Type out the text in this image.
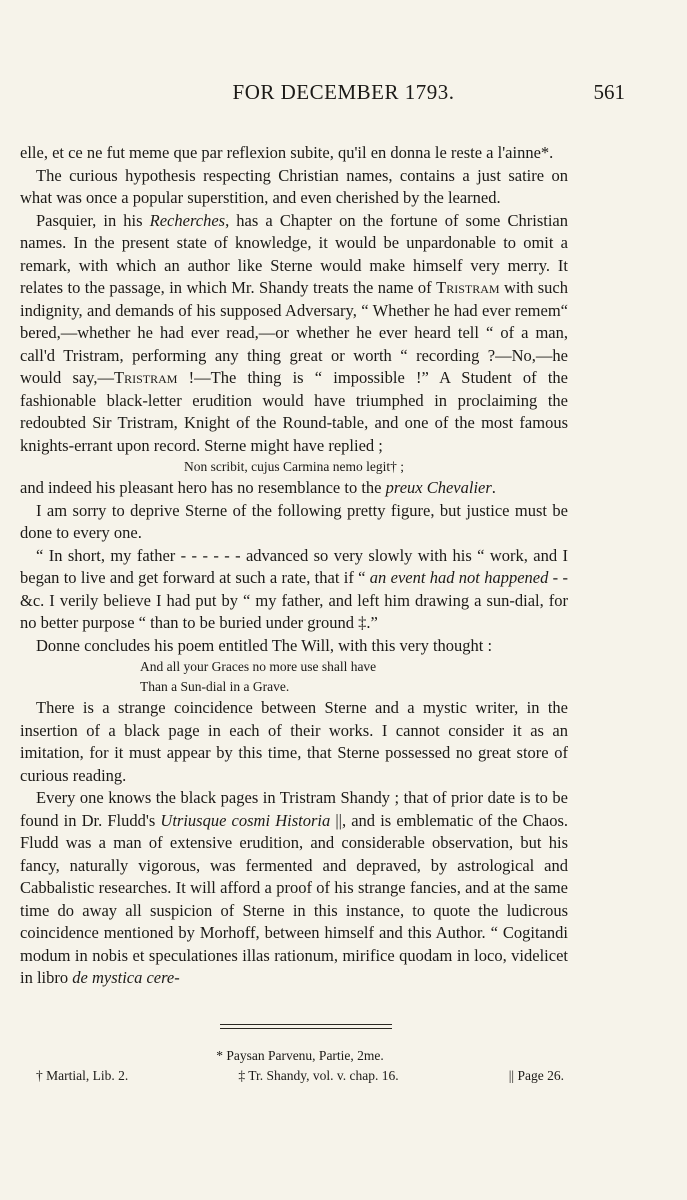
FOR DECEMBER 1793.	561

elle, et ce ne fut meme que par reflexion subite, qu'il en donna le reste a l'ainne*.

The curious hypothesis respecting Christian names, contains a just satire on what was once a popular superstition, and even cherished by the learned.

Pasquier, in his Recherches, has a Chapter on the fortune of some Christian names. In the present state of knowledge, it would be unpardonable to omit a remark, with which an author like Sterne would make himself very merry. It relates to the passage, in which Mr. Shandy treats the name of Tristram with such indignity, and demands of his supposed Adversary, “ Whether he had ever remem“ bered,—whether he had ever read,—or whether he ever heard tell “ of a man, call'd Tristram, performing any thing great or worth “ recording ?—No,—he would say,—Tristram !—The thing is “ impossible !” A Student of the fashionable black-letter erudition would have triumphed in proclaiming the redoubted Sir Tristram, Knight of the Round-table, and one of the most famous knights-errant upon record. Sterne might have replied ;

Non scribit, cujus Carmina nemo legit† ;

and indeed his pleasant hero has no resemblance to the preux Chevalier.

I am sorry to deprive Sterne of the following pretty figure, but justice must be done to every one.

“ In short, my father - - - - - - advanced so very slowly with his “ work, and I began to live and get forward at such a rate, that if “ an event had not happened - - &c. I verily believe I had put by “ my father, and left him drawing a sun-dial, for no better purpose “ than to be buried under ground ‡.”

Donne concludes his poem entitled The Will, with this very thought :

And all your Graces no more use shall have

Than a Sun-dial in a Grave.

There is a strange coincidence between Sterne and a mystic writer, in the insertion of a black page in each of their works. I cannot consider it as an imitation, for it must appear by this time, that Sterne possessed no great store of curious reading.

Every one knows the black pages in Tristram Shandy ; that of prior date is to be found in Dr. Fludd's Utriusque cosmi Historia ||, and is emblematic of the Chaos. Fludd was a man of extensive erudition, and considerable observation, but his fancy, naturally vigorous, was fermented and depraved, by astrological and Cabbalistic researches. It will afford a proof of his strange fancies, and at the same time do away all suspicion of Sterne in this instance, to quote the ludicrous coincidence mentioned by Morhoff, between himself and this Author. “ Cogitandi modum in nobis et speculationes illas rationum, mirifice quodam in loco, videlicet in libro de mystica cere-

* Paysan Parvenu, Partie, 2me.
† Martial, Lib. 2.	‡ Tr. Shandy, vol. v. chap. 16.	|| Page 26.
